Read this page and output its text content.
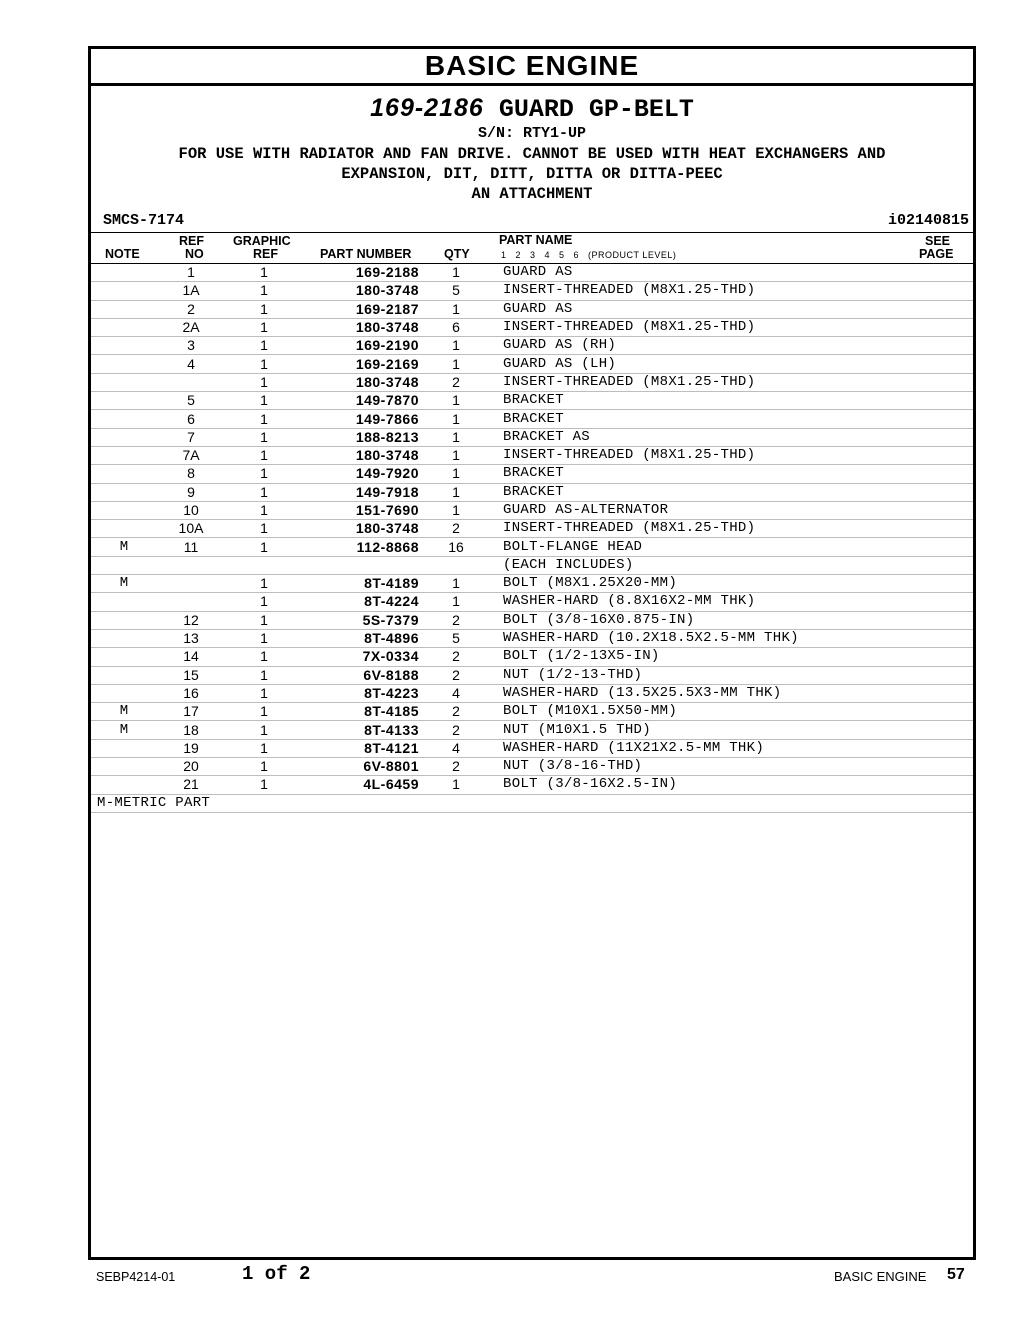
BASIC ENGINE
169-2186 GUARD GP-BELT
S/N: RTY1-UP
FOR USE WITH RADIATOR AND FAN DRIVE. CANNOT BE USED WITH HEAT EXCHANGERS AND
EXPANSION, DIT, DITT, DITTA OR DITTA-PEEC
AN ATTACHMENT
SMCS-7174	i02140815
NOTE
REF
NO
GRAPHIC
REF	PART NUMBER	QTY
PART NAME
1   2   3   4   5   6   (PRODUCT LEVEL)
SEE
PAGE
	1	1	169-2188	1	GUARD AS	
	1A	1	180-3748	5	INSERT-THREADED (M8X1.25-THD)	
	2	1	169-2187	1	GUARD AS	
	2A	1	180-3748	6	INSERT-THREADED (M8X1.25-THD)	
	3	1	169-2190	1	GUARD AS (RH)	
	4	1	169-2169	1	GUARD AS (LH)	
		1	180-3748	2	INSERT-THREADED (M8X1.25-THD)	
	5	1	149-7870	1	BRACKET	
	6	1	149-7866	1	BRACKET	
	7	1	188-8213	1	BRACKET AS	
	7A	1	180-3748	1	INSERT-THREADED (M8X1.25-THD)	
	8	1	149-7920	1	BRACKET	
	9	1	149-7918	1	BRACKET	
	10	1	151-7690	1	GUARD AS-ALTERNATOR	
	10A	1	180-3748	2	INSERT-THREADED (M8X1.25-THD)	
M	11	1	112-8868	16	BOLT-FLANGE HEAD	
					(EACH INCLUDES)	
M		1	8T-4189	1	BOLT (M8X1.25X20-MM)	
		1	8T-4224	1	WASHER-HARD (8.8X16X2-MM THK)	
	12	1	5S-7379	2	BOLT (3/8-16X0.875-IN)	
	13	1	8T-4896	5	WASHER-HARD (10.2X18.5X2.5-MM THK)	
	14	1	7X-0334	2	BOLT (1/2-13X5-IN)	
	15	1	6V-8188	2	NUT (1/2-13-THD)	
	16	1	8T-4223	4	WASHER-HARD (13.5X25.5X3-MM THK)	
M	17	1	8T-4185	2	BOLT (M10X1.5X50-MM)	
M	18	1	8T-4133	2	NUT (M10X1.5 THD)	
	19	1	8T-4121	4	WASHER-HARD (11X21X2.5-MM THK)	
	20	1	6V-8801	2	NUT (3/8-16-THD)	
	21	1	4L-6459	1	BOLT (3/8-16X2.5-IN)	
M-METRIC PART						
SEBP4214-01	1 of 2	BASIC ENGINE 57
